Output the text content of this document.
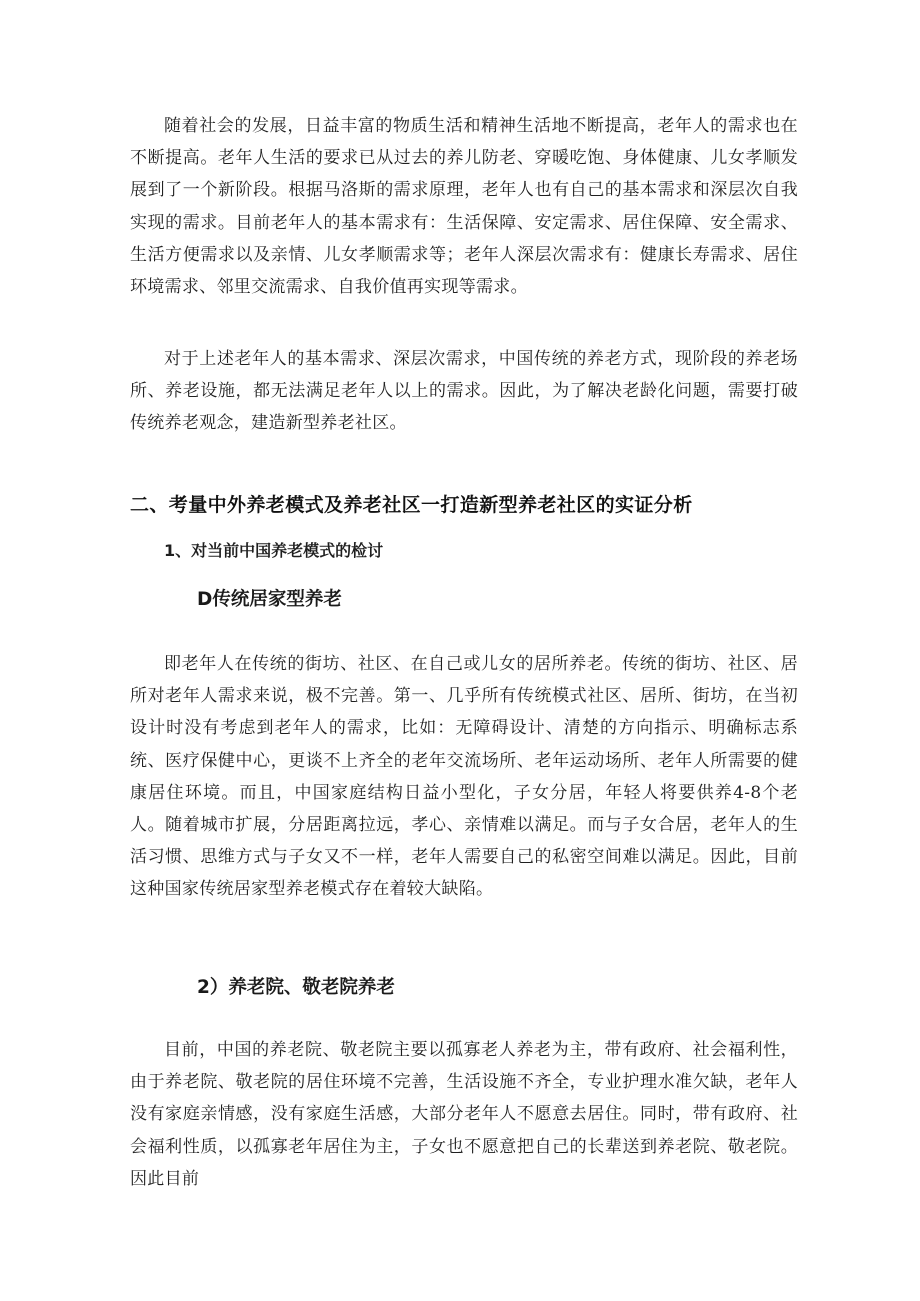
随着社会的发展，日益丰富的物质生活和精神生活地不断提高，老年人的需求也在不断提高。老年人生活的要求已从过去的养儿防老、穿暖吃饱、身体健康、儿女孝顺发展到了一个新阶段。根据马洛斯的需求原理，老年人也有自己的基本需求和深层次自我实现的需求。目前老年人的基本需求有：生活保障、安定需求、居住保障、安全需求、生活方便需求以及亲情、儿女孝顺需求等；老年人深层次需求有：健康长寿需求、居住环境需求、邻里交流需求、自我价值再实现等需求。

对于上述老年人的基本需求、深层次需求，中国传统的养老方式，现阶段的养老场所、养老设施，都无法满足老年人以上的需求。因此，为了解决老龄化问题，需要打破传统养老观念，建造新型养老社区。

二、考量中外养老模式及养老社区一打造新型养老社区的实证分析
1、对当前中国养老模式的检讨
D传统居家型养老

即老年人在传统的街坊、社区、在自己或儿女的居所养老。传统的街坊、社区、居所对老年人需求来说，极不完善。第一、几乎所有传统模式社区、居所、街坊，在当初设计时没有考虑到老年人的需求，比如：无障碍设计、清楚的方向指示、明确标志系统、医疗保健中心，更谈不上齐全的老年交流场所、老年运动场所、老年人所需要的健康居住环境。而且，中国家庭结构日益小型化，子女分居，年轻人将要供养4-8个老人。随着城市扩展，分居距离拉远，孝心、亲情难以满足。而与子女合居，老年人的生活习惯、思维方式与子女又不一样，老年人需要自己的私密空间难以满足。因此，目前这种国家传统居家型养老模式存在着较大缺陷。

2）养老院、敬老院养老

目前，中国的养老院、敬老院主要以孤寡老人养老为主，带有政府、社会福利性，由于养老院、敬老院的居住环境不完善，生活设施不齐全，专业护理水准欠缺，老年人没有家庭亲情感，没有家庭生活感，大部分老年人不愿意去居住。同时，带有政府、社会福利性质，以孤寡老年居住为主，子女也不愿意把自己的长辈送到养老院、敬老院。因此目前
